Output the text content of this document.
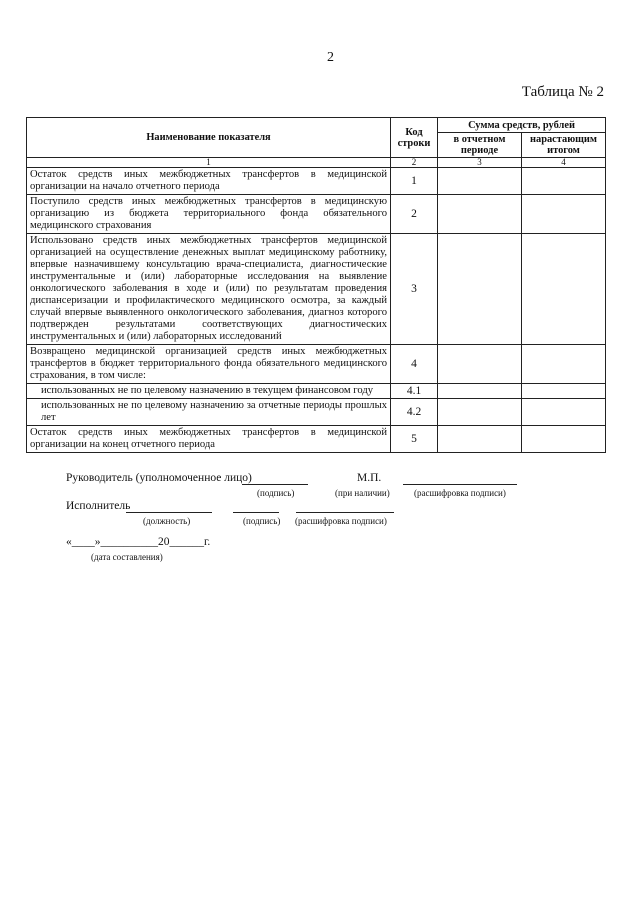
2
Таблица № 2
Наименование показателя	Код строки	Сумма средств, рублей	
		в отчетном периоде	нарастающим итогом
1	2	3	4
Остаток средств иных межбюджетных трансфертов в медицинской организации на начало отчетного периода	1		
Поступило средств иных межбюджетных трансфертов в медицинскую организацию из бюджета территориального фонда обязательного медицинского страхования	2		
Использовано средств иных межбюджетных трансфертов медицинской организацией на осуществление денежных выплат медицинскому работнику, впервые назначившему консультацию врача-специалиста, диагностические инструментальные и (или) лабораторные исследования на выявление онкологического заболевания в ходе и (или) по результатам проведения диспансеризации и профилактического медицинского осмотра, за каждый случай впервые выявленного онкологического заболевания, диагноз которого подтвержден результатами соответствующих диагностических инструментальных и (или) лабораторных исследований	3		
Возвращено медицинской организацией средств иных межбюджетных трансфертов в бюджет территориального фонда обязательного медицинского страхования, в том числе:	4		
использованных не по целевому назначению в текущем финансовом году	4.1		
использованных не по целевому назначению за отчетные периоды прошлых лет	4.2		
Остаток средств иных межбюджетных трансфертов в медицинской организации на конец отчетного периода	5		
Руководитель (уполномоченное лицо)	М.П.
(подпись)	(при наличии)	(расшифровка подписи)
Исполнитель
(должность)	(подпись) (расшифровка подписи)
«____»__________20______г.
(дата составления)
